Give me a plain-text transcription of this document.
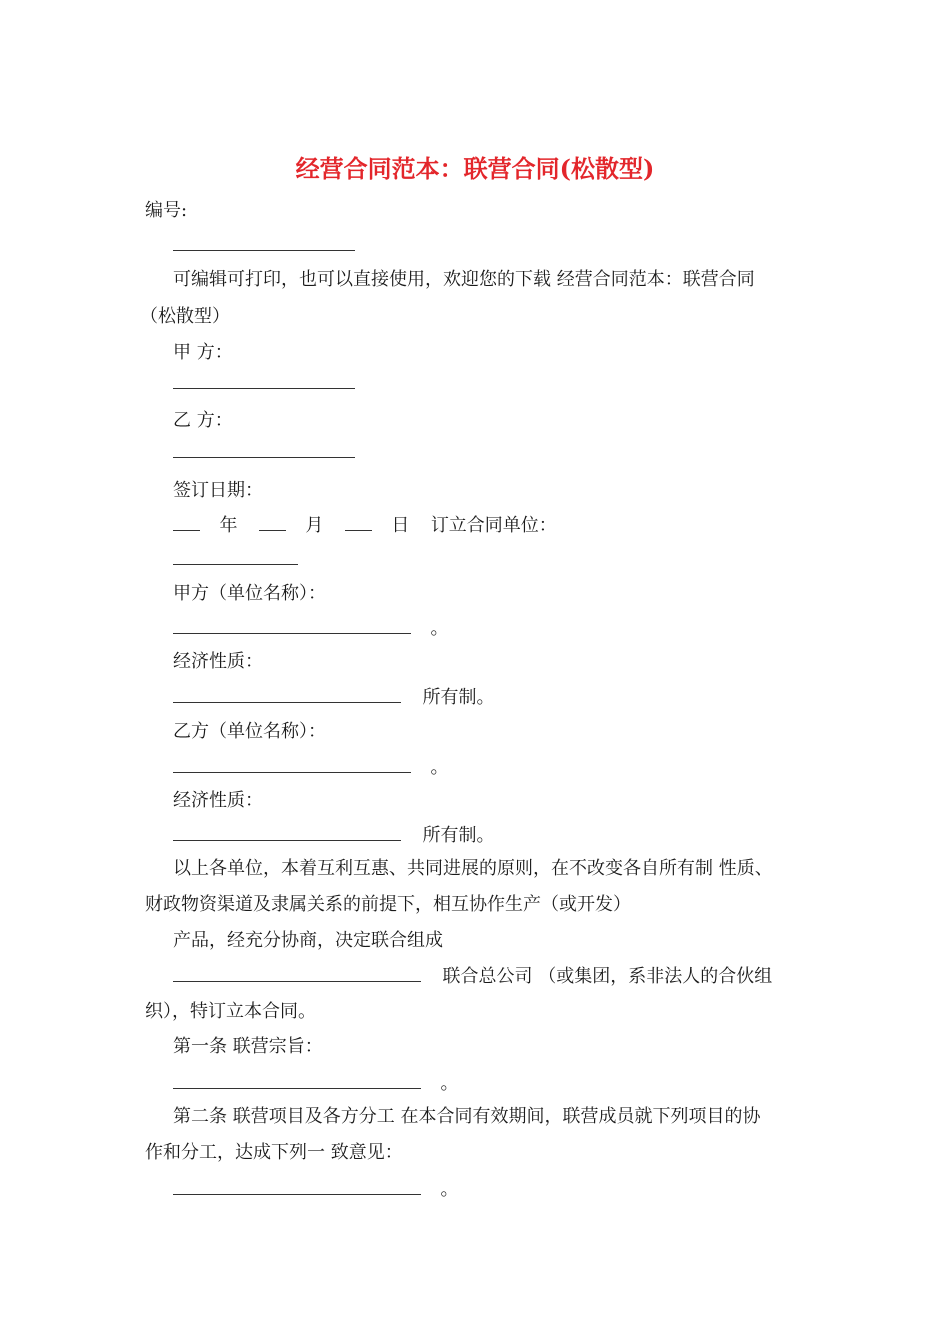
经营合同范本：联营合同(松散型)
编号:
可编辑可打印，也可以直接使用，欢迎您的下载 经营合同范本：联营合同
（松散型）
甲 方：
乙 方：
签订日期：
年	月	日 订立合同单位：
甲方（单位名称）：
。
经济性质：
所有制。
乙方（单位名称）：
。
经济性质：
所有制。
以上各单位，本着互利互惠、共同进展的原则，在不改变各自所有制 性质、
财政物资渠道及隶属关系的前提下，相互协作生产（或开发）
产品，经充分协商，决定联合组成
联合总公司 （或集团，系非法人的合伙组
织），特订立本合同。
第一条 联营宗旨：
。
第二条 联营项目及各方分工 在本合同有效期间，联营成员就下列项目的协
作和分工，达成下列一 致意见：
。
